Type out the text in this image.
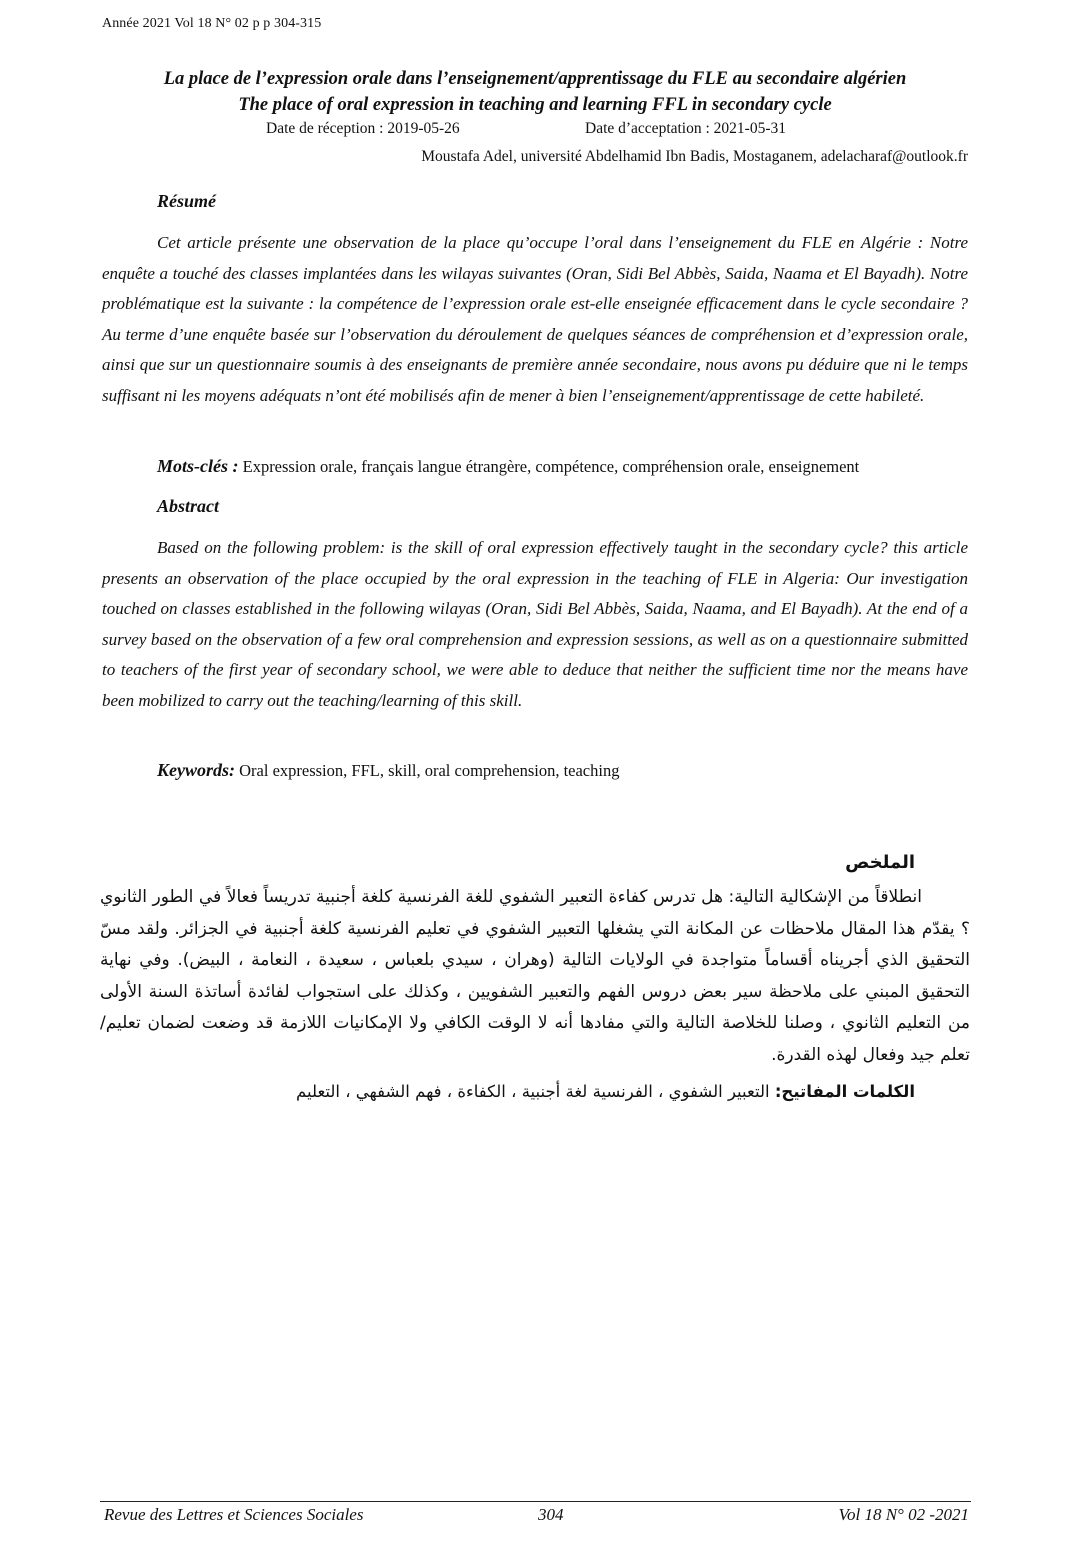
Année 2021 Vol 18 N° 02 p p 304-315
La place de l’expression orale dans l’enseignement/apprentissage du FLE au secondaire algérien
The place of oral expression in teaching and learning FFL in secondary cycle
Date de réception : 2019-05-26	Date d’acceptation : 2021-05-31
Moustafa Adel, université Abdelhamid Ibn Badis, Mostaganem, adelacharaf@outlook.fr
Résumé
Cet article présente une observation de la place qu’occupe l’oral dans l’enseignement du FLE en Algérie : Notre enquête a touché des classes implantées dans les wilayas suivantes (Oran, Sidi Bel Abbès, Saida, Naama et El Bayadh). Notre problématique est la suivante : la compétence de l’expression orale est-elle enseignée efficacement dans le cycle secondaire ? Au terme d’une enquête basée sur l’observation du déroulement de quelques séances de compréhension et d’expression orale, ainsi que sur un questionnaire soumis à des enseignants de première année secondaire, nous avons pu déduire que ni le temps suffisant ni les moyens adéquats n’ont été mobilisés afin de mener à bien l’enseignement/apprentissage de cette habileté.
Mots-clés : Expression orale, français langue étrangère, compétence, compréhension orale, enseignement
Abstract
Based on the following problem: is the skill of oral expression effectively taught in the secondary cycle? this article presents an observation of the place occupied by the oral expression in the teaching of FLE in Algeria: Our investigation touched on classes established in the following wilayas (Oran, Sidi Bel Abbès, Saida, Naama, and El Bayadh). At the end of a survey based on the observation of a few oral comprehension and expression sessions, as well as on a questionnaire submitted to teachers of the first year of secondary school, we were able to deduce that neither the sufficient time nor the means have been mobilized to carry out the teaching/learning of this skill.
Keywords: Oral expression, FFL, skill, oral comprehension, teaching
الملخص
انطلاقاً من الإشكالية التالية: هل تدرس كفاءة التعبير الشفوي للغة الفرنسية كلغة أجنبية تدريساً فعالاً في الطور الثانوي ؟ يقدّم هذا المقال ملاحظات عن المكانة التي يشغلها التعبير الشفوي في تعليم الفرنسية كلغة أجنبية في الجزائر. ولقد مسّ التحقيق الذي أجريناه أقساماً متواجدة في الولايات التالية (وهران ، سيدي بلعباس ، سعيدة ، النعامة ، البيض). وفي نهاية التحقيق المبني على ملاحظة سير بعض دروس الفهم والتعبير الشفويين ، وكذلك على استجواب لفائدة أساتذة السنة الأولى من التعليم الثانوي ، وصلنا للخلاصة التالية والتي مفادها أنه لا الوقت الكافي ولا الإمكانيات اللازمة قد وضعت لضمان تعليم/تعلم جيد وفعال لهذه القدرة.
الكلمات المفاتيح: التعبير الشفوي ، الفرنسية لغة أجنبية ، الكفاءة ، فهم الشفهي ، التعليم
Revue des Lettres et Sciences Sociales	304	Vol 18 N° 02 -2021
